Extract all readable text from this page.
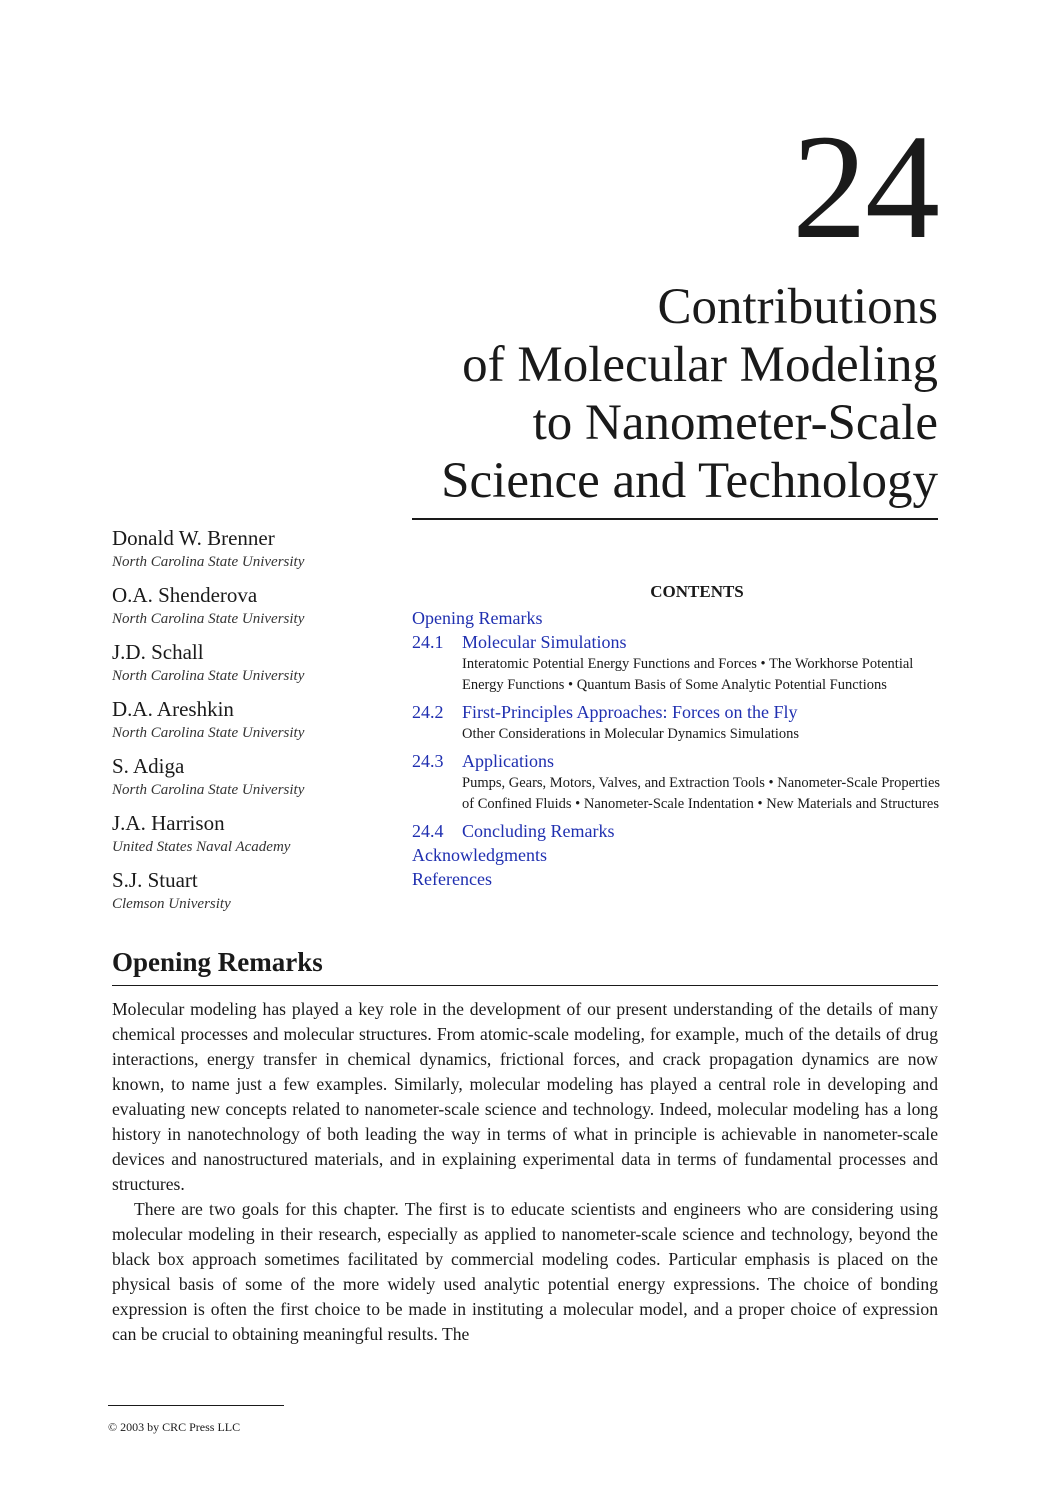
24
Contributions
of Molecular Modeling
to Nanometer-Scale
Science and Technology
Donald W. Brenner
North Carolina State University
O.A. Shenderova
North Carolina State University
J.D. Schall
North Carolina State University
D.A. Areshkin
North Carolina State University
S. Adiga
North Carolina State University
J.A. Harrison
United States Naval Academy
S.J. Stuart
Clemson University
CONTENTS
Opening Remarks
24.1 Molecular Simulations
Interatomic Potential Energy Functions and Forces • The Workhorse Potential Energy Functions • Quantum Basis of Some Analytic Potential Functions
24.2 First-Principles Approaches: Forces on the Fly
Other Considerations in Molecular Dynamics Simulations
24.3 Applications
Pumps, Gears, Motors, Valves, and Extraction Tools • Nanometer-Scale Properties of Confined Fluids • Nanometer-Scale Indentation • New Materials and Structures
24.4 Concluding Remarks
Acknowledgments
References
Opening Remarks

Molecular modeling has played a key role in the development of our present understanding of the details of many chemical processes and molecular structures. From atomic-scale modeling, for example, much of the details of drug interactions, energy transfer in chemical dynamics, frictional forces, and crack propagation dynamics are now known, to name just a few examples. Similarly, molecular modeling has played a central role in developing and evaluating new concepts related to nanometer-scale science and technology. Indeed, molecular modeling has a long history in nanotechnology of both leading the way in terms of what in principle is achievable in nanometer-scale devices and nanostructured materials, and in explaining experimental data in terms of fundamental processes and structures.

There are two goals for this chapter. The first is to educate scientists and engineers who are considering using molecular modeling in their research, especially as applied to nanometer-scale science and technology, beyond the black box approach sometimes facilitated by commercial modeling codes. Particular emphasis is placed on the physical basis of some of the more widely used analytic potential energy expressions. The choice of bonding expression is often the first choice to be made in instituting a molecular model, and a proper choice of expression can be crucial to obtaining meaningful results. The

© 2003 by CRC Press LLC
